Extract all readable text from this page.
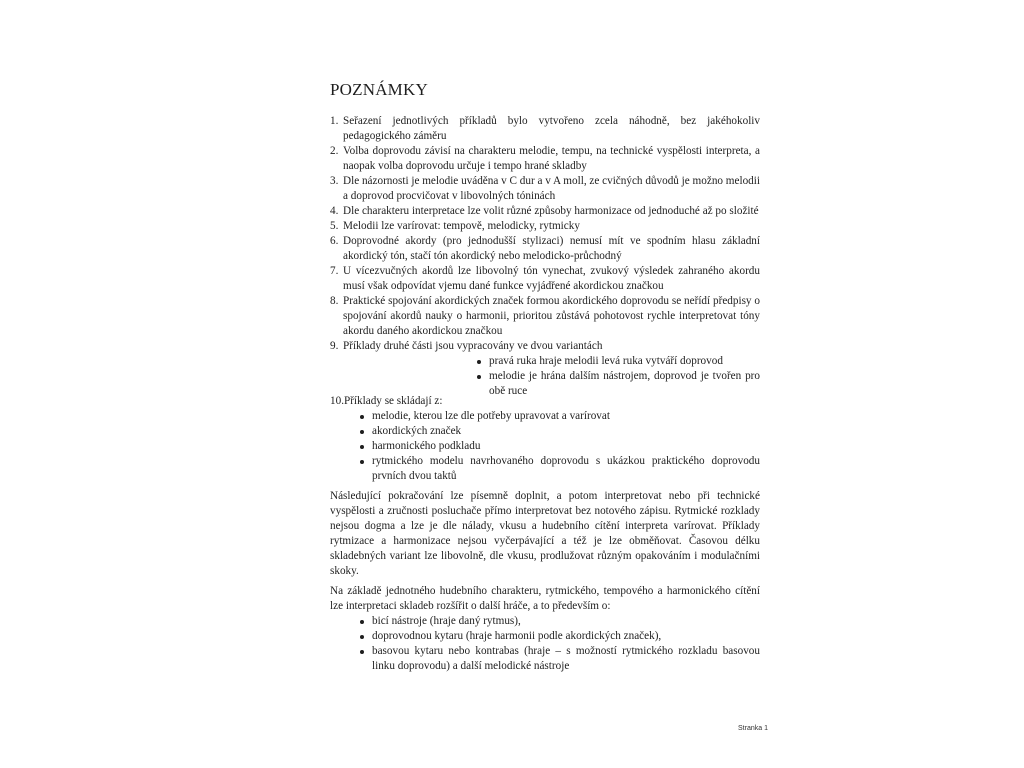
POZNÁMKY
1. Seřazení jednotlivých příkladů bylo vytvořeno zcela náhodně, bez jakéhokoliv pedagogického záměru
2. Volba doprovodu závisí na charakteru melodie, tempu, na technické vyspělosti interpreta, a naopak volba doprovodu určuje i tempo hrané skladby
3. Dle názornosti je melodie uváděna v C dur a v A moll, ze cvičných důvodů je možno melodii a doprovod procvičovat v libovolných tóninách
4. Dle charakteru interpretace lze volit různé způsoby harmonizace od jednoduché až po složité
5. Melodii lze varírovat: tempově, melodicky, rytmicky
6. Doprovodné akordy (pro jednodušší stylizaci) nemusí mít ve spodním hlasu základní akordický tón, stačí tón akordický nebo melodicko-průchodný
7. U vícezvučných akordů lze libovolný tón vynechat, zvukový výsledek zahraného akordu musí však odpovídat vjemu dané funkce vyjádřené akordickou značkou
8. Praktické spojování akordických značek formou akordického doprovodu se neřídí předpisy o spojování akordů nauky o harmonii, prioritou zůstává pohotovost rychle interpretovat tóny akordu daného akordickou značkou
9. Příklady druhé části jsou vypracovány ve dvou variantách
pravá ruka hraje melodii levá ruka vytváří doprovod
melodie je hrána dalším nástrojem, doprovod je tvořen pro obě ruce
10.Příklady se skládají z:
melodie, kterou lze dle potřeby upravovat a varírovat
akordických značek
harmonického podkladu
rytmického modelu navrhovaného doprovodu s ukázkou praktického doprovodu prvních dvou taktů
Následující pokračování lze písemně doplnit, a potom interpretovat nebo při technické vyspělosti a zručnosti posluchače přímo interpretovat bez notového zápisu. Rytmické rozklady nejsou dogma a lze je dle nálady, vkusu a hudebního cítění interpreta varírovat. Příklady rytmizace a harmonizace nejsou vyčerpávající a též je lze obměňovat. Časovou délku skladebných variant lze libovolně, dle vkusu, prodlužovat různým opakováním i modulačními skoky.
Na základě jednotného hudebního charakteru, rytmického, tempového a harmonického cítění lze interpretaci skladeb rozšířit o další hráče, a to především o:
bicí nástroje (hraje daný rytmus),
doprovodnou kytaru (hraje harmonii podle akordických značek),
basovou kytaru nebo kontrabas (hraje – s možností rytmického rozkladu basovou linku doprovodu) a další melodické nástroje
Stranka 1
